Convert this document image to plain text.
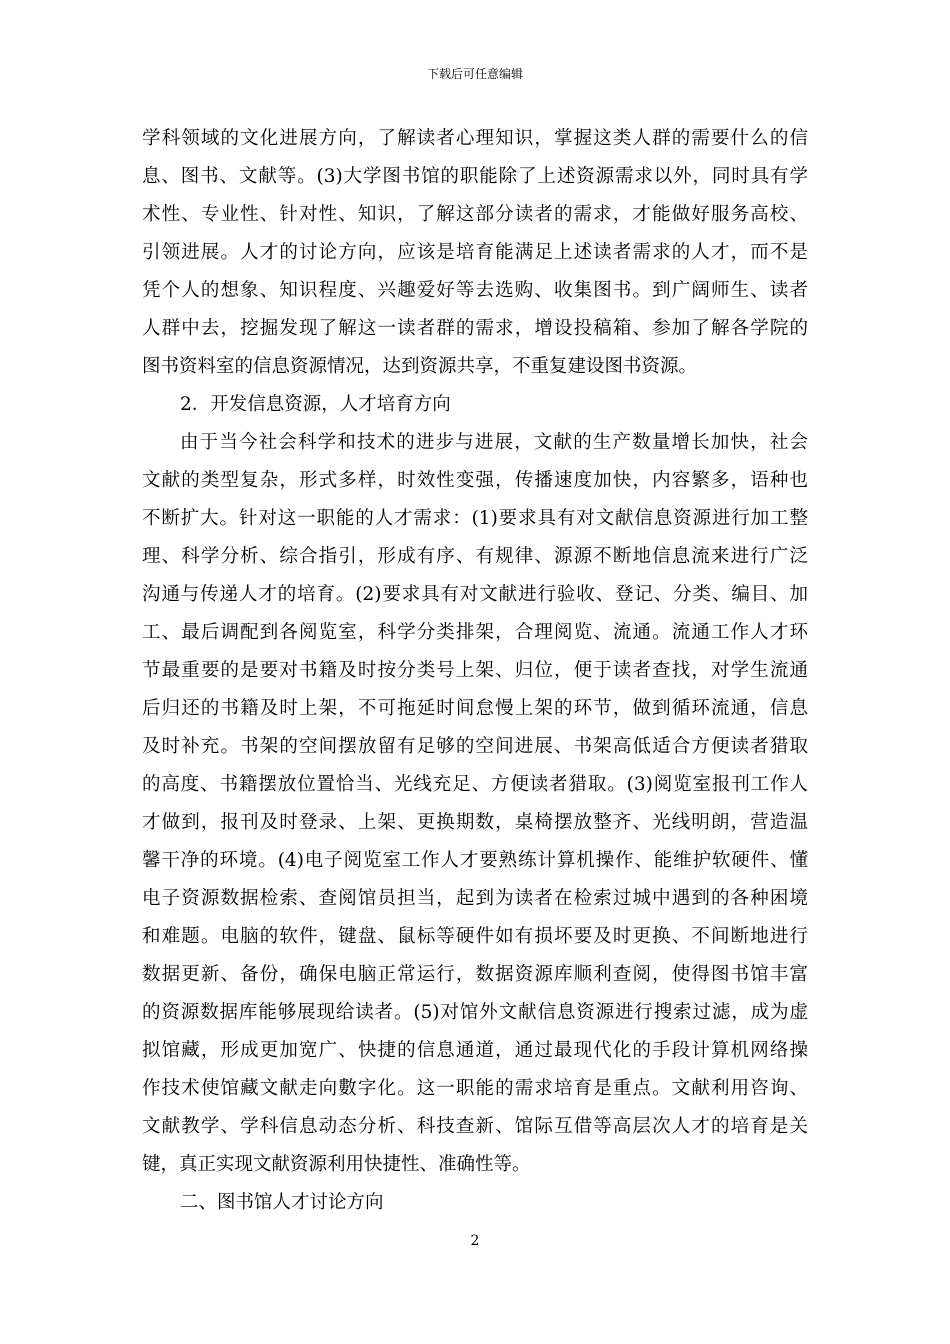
下载后可任意编辑
学科领域的文化进展方向，了解读者心理知识，掌握这类人群的需要什么的信
息、图书、文献等。(3)大学图书馆的职能除了上述资源需求以外，同时具有学
术性、专业性、针对性、知识，了解这部分读者的需求，才能做好服务高校、
引领进展。人才的讨论方向，应该是培育能满足上述读者需求的人才，而不是
凭个人的想象、知识程度、兴趣爱好等去选购、收集图书。到广阔师生、读者
人群中去，挖掘发现了解这一读者群的需求，增设投稿箱、参加了解各学院的
图书资料室的信息资源情况，达到资源共享，不重复建设图书资源。
2．开发信息资源，人才培育方向
由于当今社会科学和技术的进步与进展，文献的生产数量增长加快，社会
文献的类型复杂，形式多样，时效性变强，传播速度加快，内容繁多，语种也
不断扩大。针对这一职能的人才需求：(1)要求具有对文献信息资源进行加工整
理、科学分析、综合指引，形成有序、有规律、源源不断地信息流来进行广泛
沟通与传递人才的培育。(2)要求具有对文献进行验收、登记、分类、编目、加
工、最后调配到各阅览室，科学分类排架，合理阅览、流通。流通工作人才环
节最重要的是要对书籍及时按分类号上架、归位，便于读者查找，对学生流通
后归还的书籍及时上架，不可拖延时间怠慢上架的环节，做到循环流通，信息
及时补充。书架的空间摆放留有足够的空间进展、书架高低适合方便读者猎取
的高度、书籍摆放位置恰当、光线充足、方便读者猎取。(3)阅览室报刊工作人
才做到，报刊及时登录、上架、更换期数，桌椅摆放整齐、光线明朗，营造温
馨干净的环境。(4)电子阅览室工作人才要熟练计算机操作、能维护软硬件、懂
电子资源数据检索、查阅馆员担当，起到为读者在检索过城中遇到的各种困境
和难题。电脑的软件，键盘、鼠标等硬件如有损坏要及时更换、不间断地进行
数据更新、备份，确保电脑正常运行，数据资源库顺利查阅，使得图书馆丰富
的资源数据库能够展现给读者。(5)对馆外文献信息资源进行搜索过滤，成为虚
拟馆藏，形成更加宽广、快捷的信息通道，通过最现代化的手段计算机网络操
作技术使馆藏文献走向數字化。这一职能的需求培育是重点。文献利用咨询、
文献教学、学科信息动态分析、科技查新、馆际互借等高层次人才的培育是关
键，真正实现文献资源利用快捷性、准确性等。
二、图书馆人才讨论方向
2
